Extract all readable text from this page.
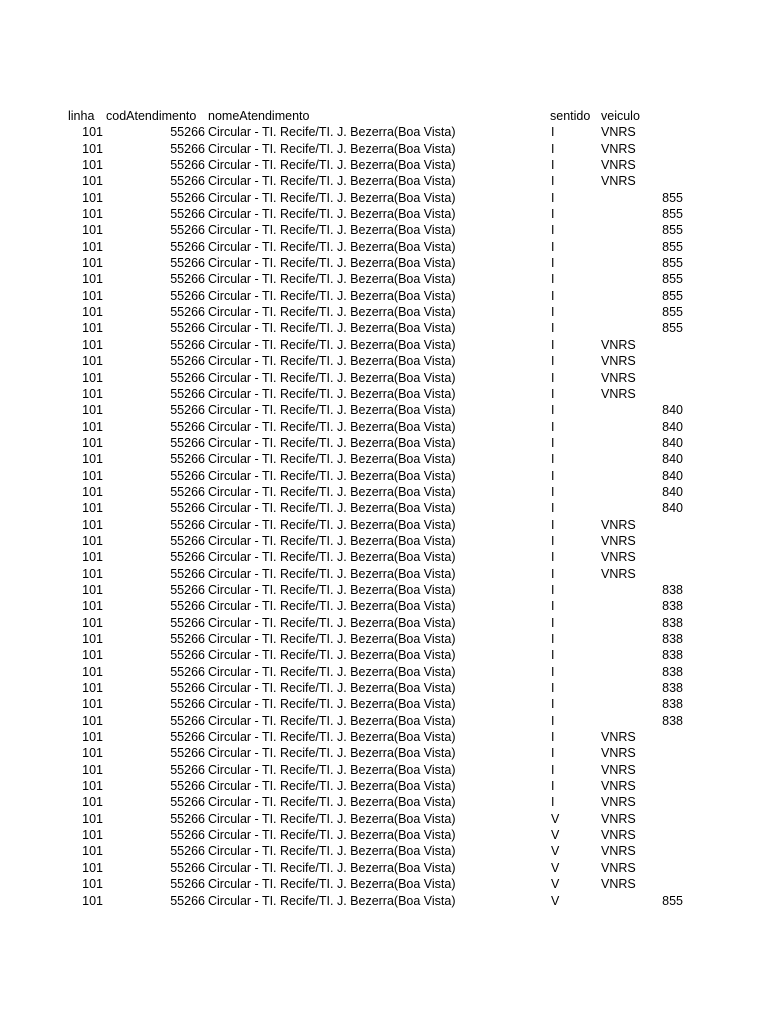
linha codAtendimento nomeAtendimento	sentido veiculo
101	55266 Circular - TI. Recife/TI. J. Bezerra(Boa Vista)	I	VNRS
101	55266 Circular - TI. Recife/TI. J. Bezerra(Boa Vista)	I	VNRS
101	55266 Circular - TI. Recife/TI. J. Bezerra(Boa Vista)	I	VNRS
101	55266 Circular - TI. Recife/TI. J. Bezerra(Boa Vista)	I	VNRS
101	55266 Circular - TI. Recife/TI. J. Bezerra(Boa Vista)	I	855
101	55266 Circular - TI. Recife/TI. J. Bezerra(Boa Vista)	I	855
101	55266 Circular - TI. Recife/TI. J. Bezerra(Boa Vista)	I	855
101	55266 Circular - TI. Recife/TI. J. Bezerra(Boa Vista)	I	855
101	55266 Circular - TI. Recife/TI. J. Bezerra(Boa Vista)	I	855
101	55266 Circular - TI. Recife/TI. J. Bezerra(Boa Vista)	I	855
101	55266 Circular - TI. Recife/TI. J. Bezerra(Boa Vista)	I	855
101	55266 Circular - TI. Recife/TI. J. Bezerra(Boa Vista)	I	855
101	55266 Circular - TI. Recife/TI. J. Bezerra(Boa Vista)	I	855
101	55266 Circular - TI. Recife/TI. J. Bezerra(Boa Vista)	I	VNRS
101	55266 Circular - TI. Recife/TI. J. Bezerra(Boa Vista)	I	VNRS
101	55266 Circular - TI. Recife/TI. J. Bezerra(Boa Vista)	I	VNRS
101	55266 Circular - TI. Recife/TI. J. Bezerra(Boa Vista)	I	VNRS
101	55266 Circular - TI. Recife/TI. J. Bezerra(Boa Vista)	I	840
101	55266 Circular - TI. Recife/TI. J. Bezerra(Boa Vista)	I	840
101	55266 Circular - TI. Recife/TI. J. Bezerra(Boa Vista)	I	840
101	55266 Circular - TI. Recife/TI. J. Bezerra(Boa Vista)	I	840
101	55266 Circular - TI. Recife/TI. J. Bezerra(Boa Vista)	I	840
101	55266 Circular - TI. Recife/TI. J. Bezerra(Boa Vista)	I	840
101	55266 Circular - TI. Recife/TI. J. Bezerra(Boa Vista)	I	840
101	55266 Circular - TI. Recife/TI. J. Bezerra(Boa Vista)	I	VNRS
101	55266 Circular - TI. Recife/TI. J. Bezerra(Boa Vista)	I	VNRS
101	55266 Circular - TI. Recife/TI. J. Bezerra(Boa Vista)	I	VNRS
101	55266 Circular - TI. Recife/TI. J. Bezerra(Boa Vista)	I	VNRS
101	55266 Circular - TI. Recife/TI. J. Bezerra(Boa Vista)	I	838
101	55266 Circular - TI. Recife/TI. J. Bezerra(Boa Vista)	I	838
101	55266 Circular - TI. Recife/TI. J. Bezerra(Boa Vista)	I	838
101	55266 Circular - TI. Recife/TI. J. Bezerra(Boa Vista)	I	838
101	55266 Circular - TI. Recife/TI. J. Bezerra(Boa Vista)	I	838
101	55266 Circular - TI. Recife/TI. J. Bezerra(Boa Vista)	I	838
101	55266 Circular - TI. Recife/TI. J. Bezerra(Boa Vista)	I	838
101	55266 Circular - TI. Recife/TI. J. Bezerra(Boa Vista)	I	838
101	55266 Circular - TI. Recife/TI. J. Bezerra(Boa Vista)	I	838
101	55266 Circular - TI. Recife/TI. J. Bezerra(Boa Vista)	I	VNRS
101	55266 Circular - TI. Recife/TI. J. Bezerra(Boa Vista)	I	VNRS
101	55266 Circular - TI. Recife/TI. J. Bezerra(Boa Vista)	I	VNRS
101	55266 Circular - TI. Recife/TI. J. Bezerra(Boa Vista)	I	VNRS
101	55266 Circular - TI. Recife/TI. J. Bezerra(Boa Vista)	I	VNRS
101	55266 Circular - TI. Recife/TI. J. Bezerra(Boa Vista)	V	VNRS
101	55266 Circular - TI. Recife/TI. J. Bezerra(Boa Vista)	V	VNRS
101	55266 Circular - TI. Recife/TI. J. Bezerra(Boa Vista)	V	VNRS
101	55266 Circular - TI. Recife/TI. J. Bezerra(Boa Vista)	V	VNRS
101	55266 Circular - TI. Recife/TI. J. Bezerra(Boa Vista)	V	VNRS
101	55266 Circular - TI. Recife/TI. J. Bezerra(Boa Vista)	V	855
